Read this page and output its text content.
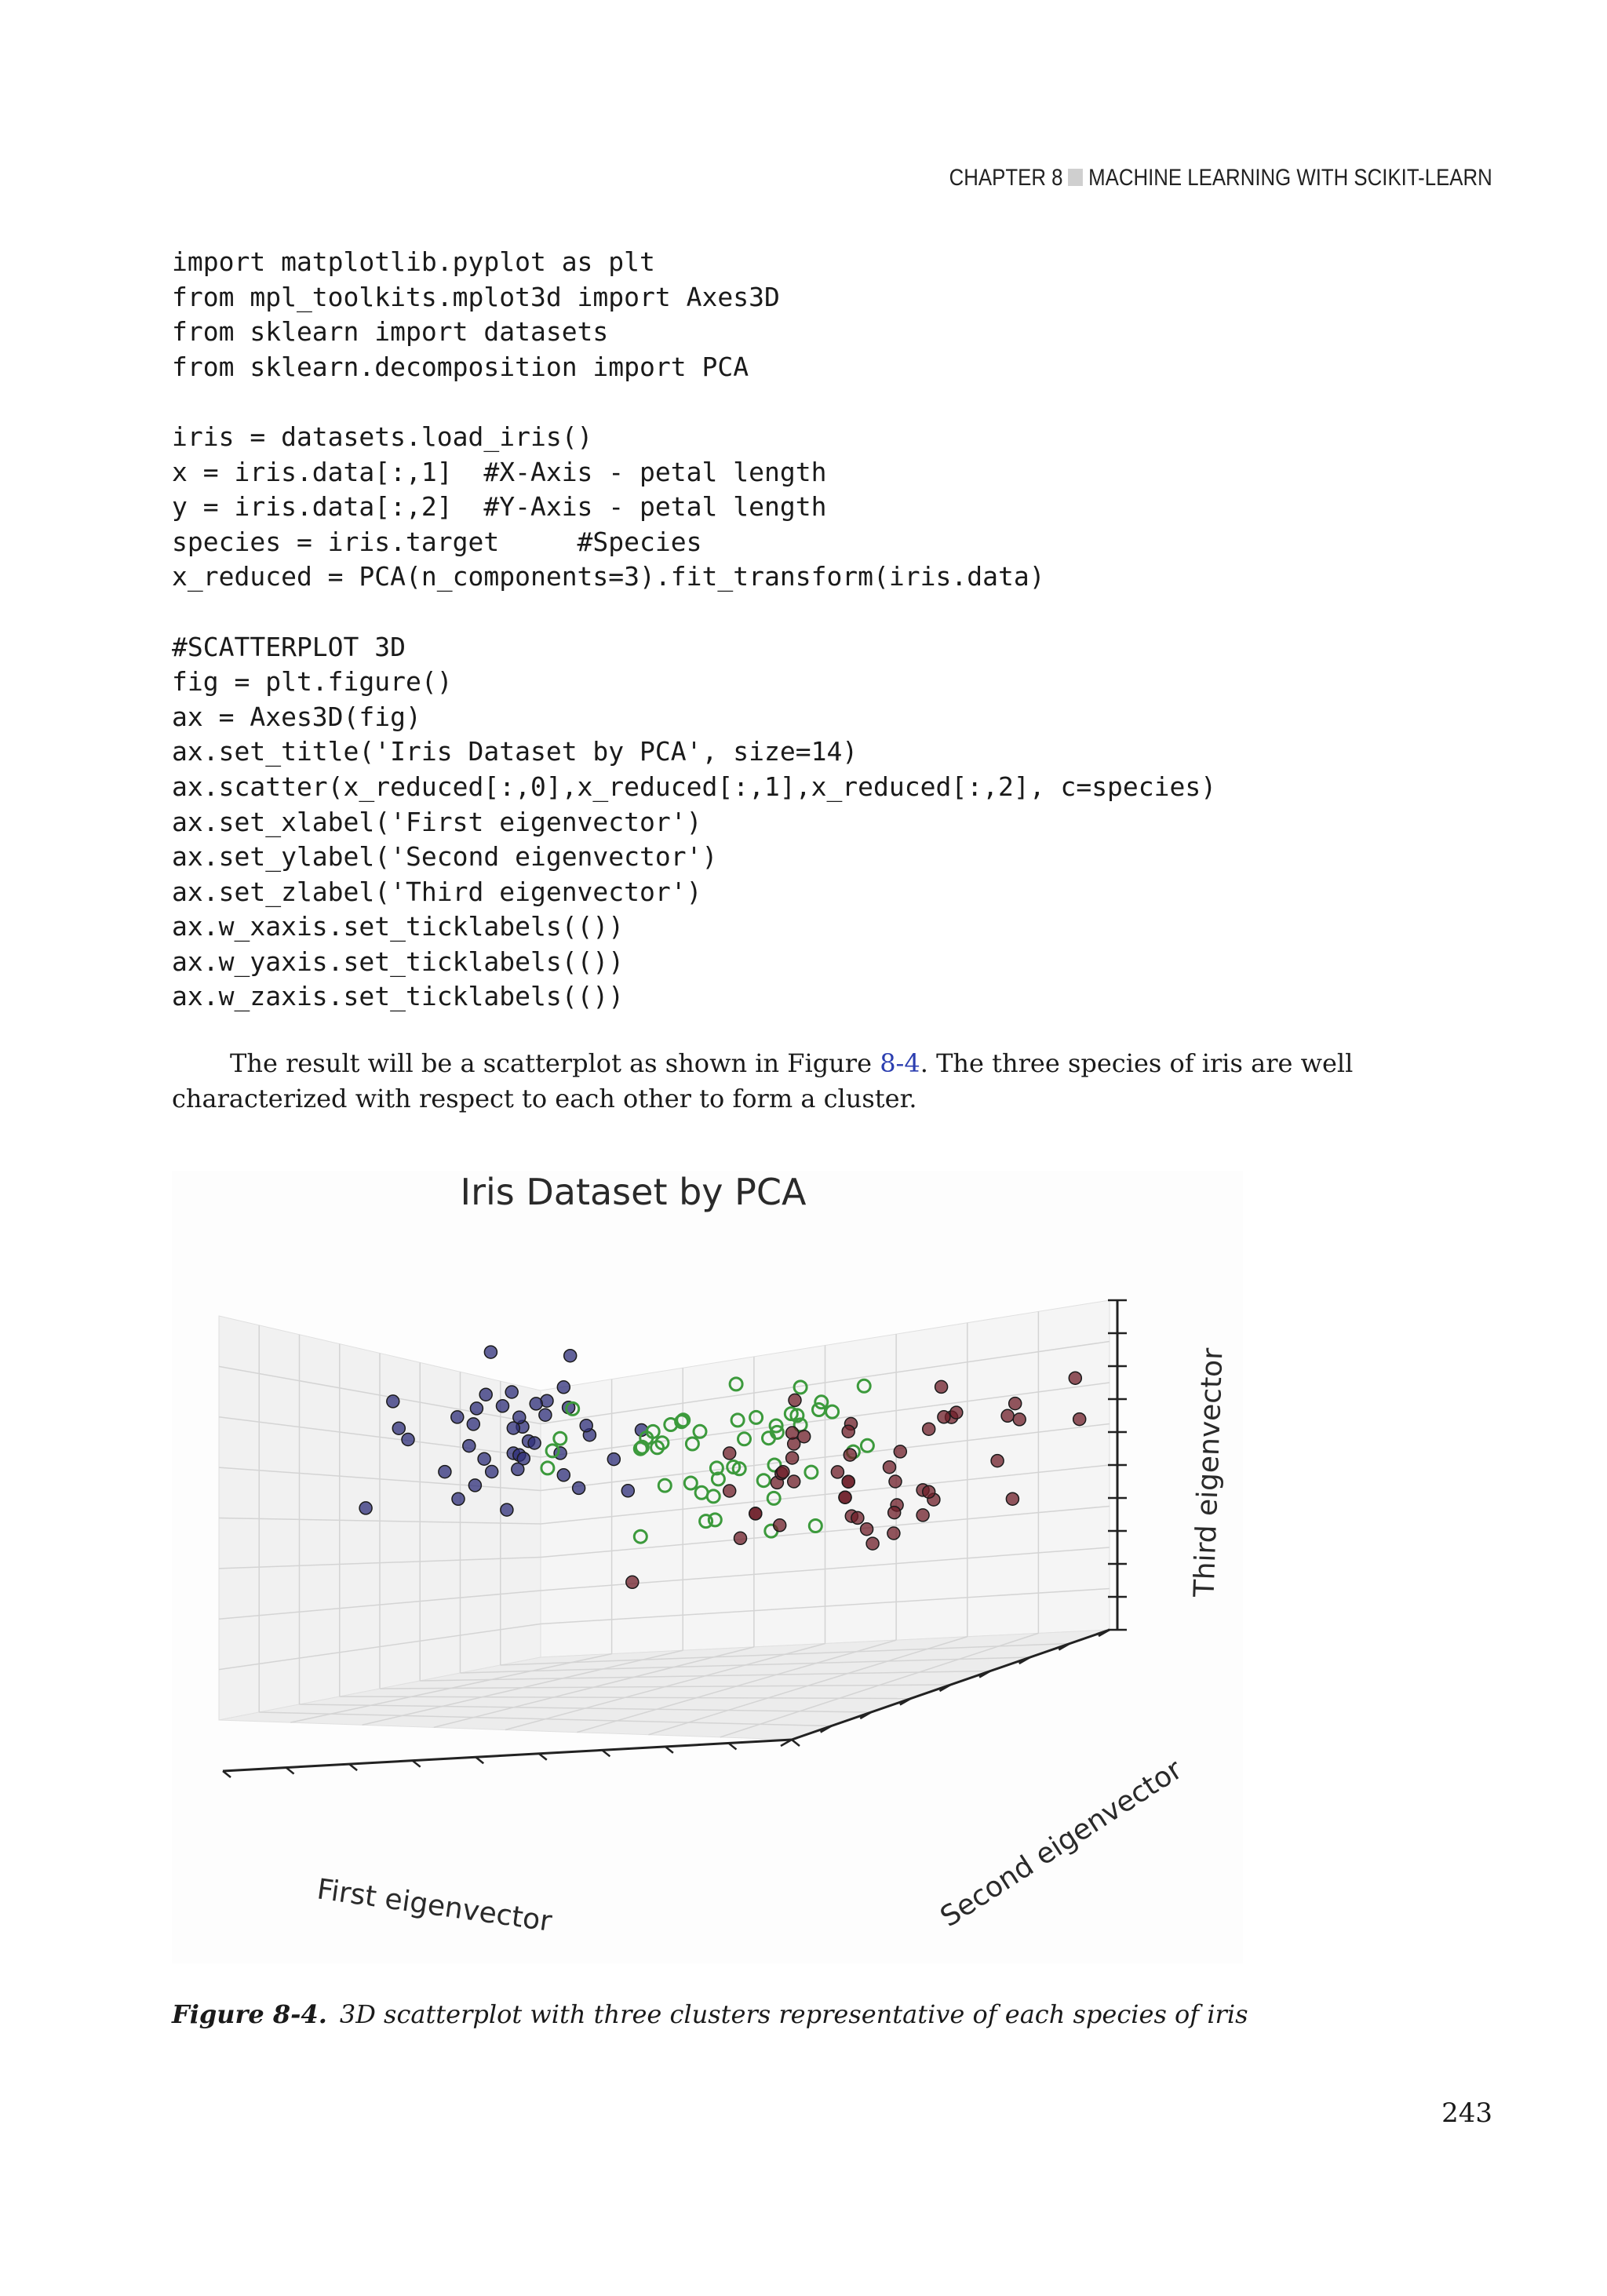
CHAPTER 8 MACHINE LEARNING WITH SCIKIT-LEARN
import matplotlib.pyplot as plt
from mpl_toolkits.mplot3d import Axes3D
from sklearn import datasets
from sklearn.decomposition import PCA
iris = datasets.load_iris()
x = iris.data[:,1]  #X-Axis - petal length
y = iris.data[:,2]  #Y-Axis - petal length
species = iris.target     #Species
x_reduced = PCA(n_components=3).fit_transform(iris.data)
#SCATTERPLOT 3D
fig = plt.figure()
ax = Axes3D(fig)
ax.set_title('Iris Dataset by PCA', size=14)
ax.scatter(x_reduced[:,0],x_reduced[:,1],x_reduced[:,2], c=species)
ax.set_xlabel('First eigenvector')
ax.set_ylabel('Second eigenvector')
ax.set_zlabel('Third eigenvector')
ax.w_xaxis.set_ticklabels(())
ax.w_yaxis.set_ticklabels(())
ax.w_zaxis.set_ticklabels(())
The result will be a scatterplot as shown in Figure 8-4. The three species of iris are well characterized with respect to each other to form a cluster.
Iris Dataset by PCA
First eigenvector	Second eigenvector
Third eigenvector
Figure 8-4. 3D scatterplot with three clusters representative of each species of iris
243
